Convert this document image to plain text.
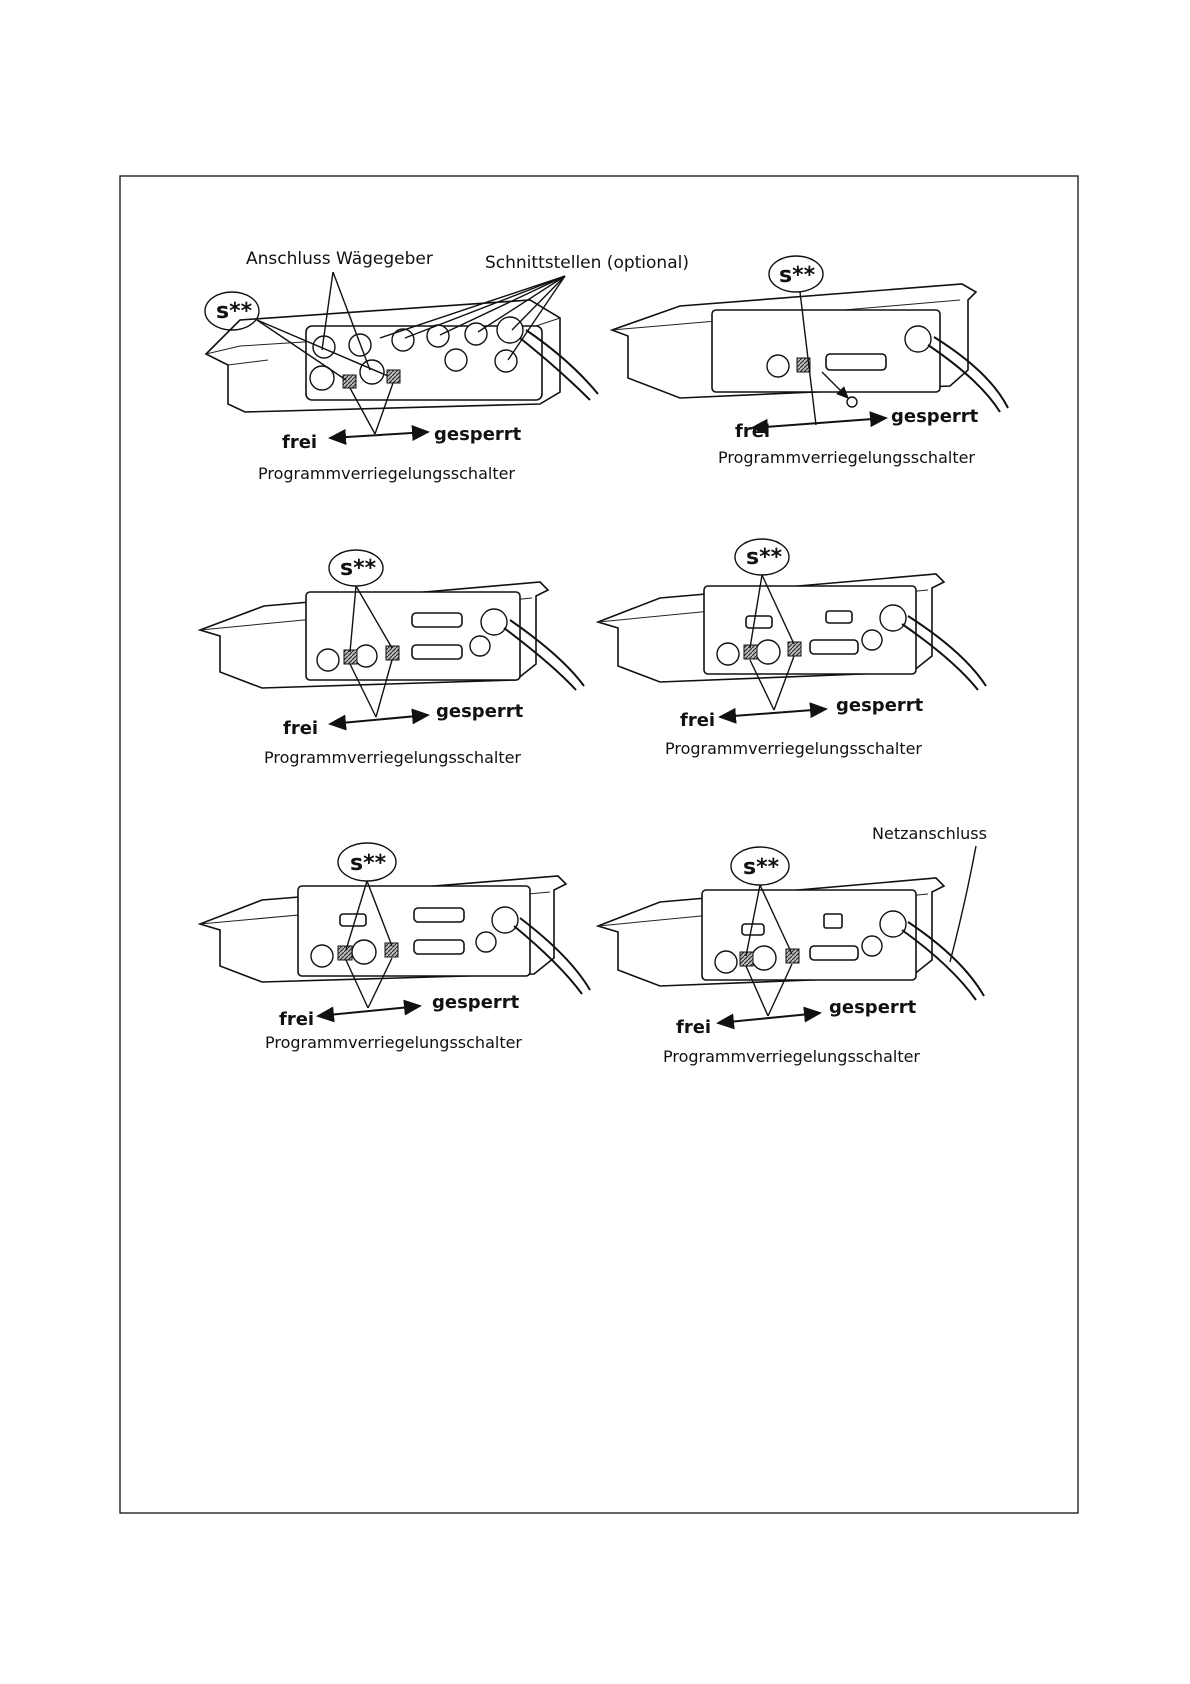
Anschluss Wägegeber	Schnittstellen (optional)
s**
frei	gesperrt
Programmverriegelungsschalter
s**
frei
gesperrt
Programmverriegelungsschalter
s**
frei
gesperrt
Programmverriegelungsschalter
s**
frei
gesperrt
Programmverriegelungsschalter
s**
frei
gesperrt
Programmverriegelungsschalter
Netzanschluss
s**
frei
gesperrt
Programmverriegelungsschalter
